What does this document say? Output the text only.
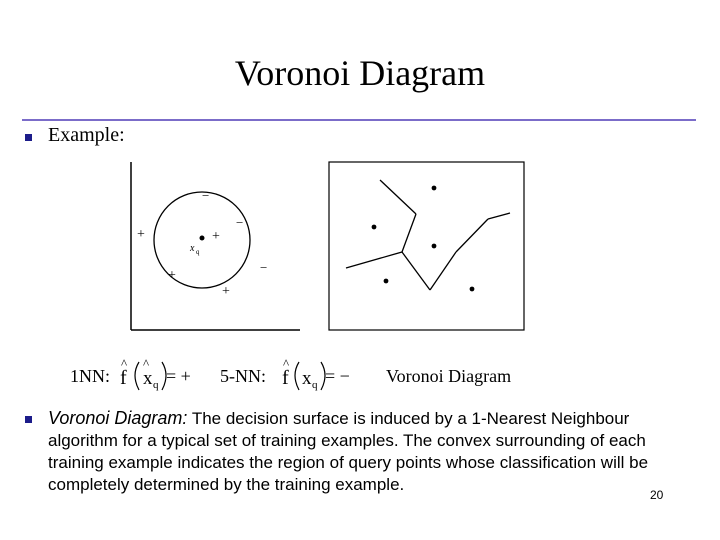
Voronoi Diagram
Example:
x q
+	+
+
+
−
−
−
1NN:
^
f
^
x q = + 5-NN:
^
f x q = − Voronoi Diagram
Voronoi Diagram: The decision surface is induced by a 1-Nearest Neighbour algorithm for a typical set of training examples. The convex surrounding of each training example indicates the region of query points whose classification will be completely determined by the training example.
20
